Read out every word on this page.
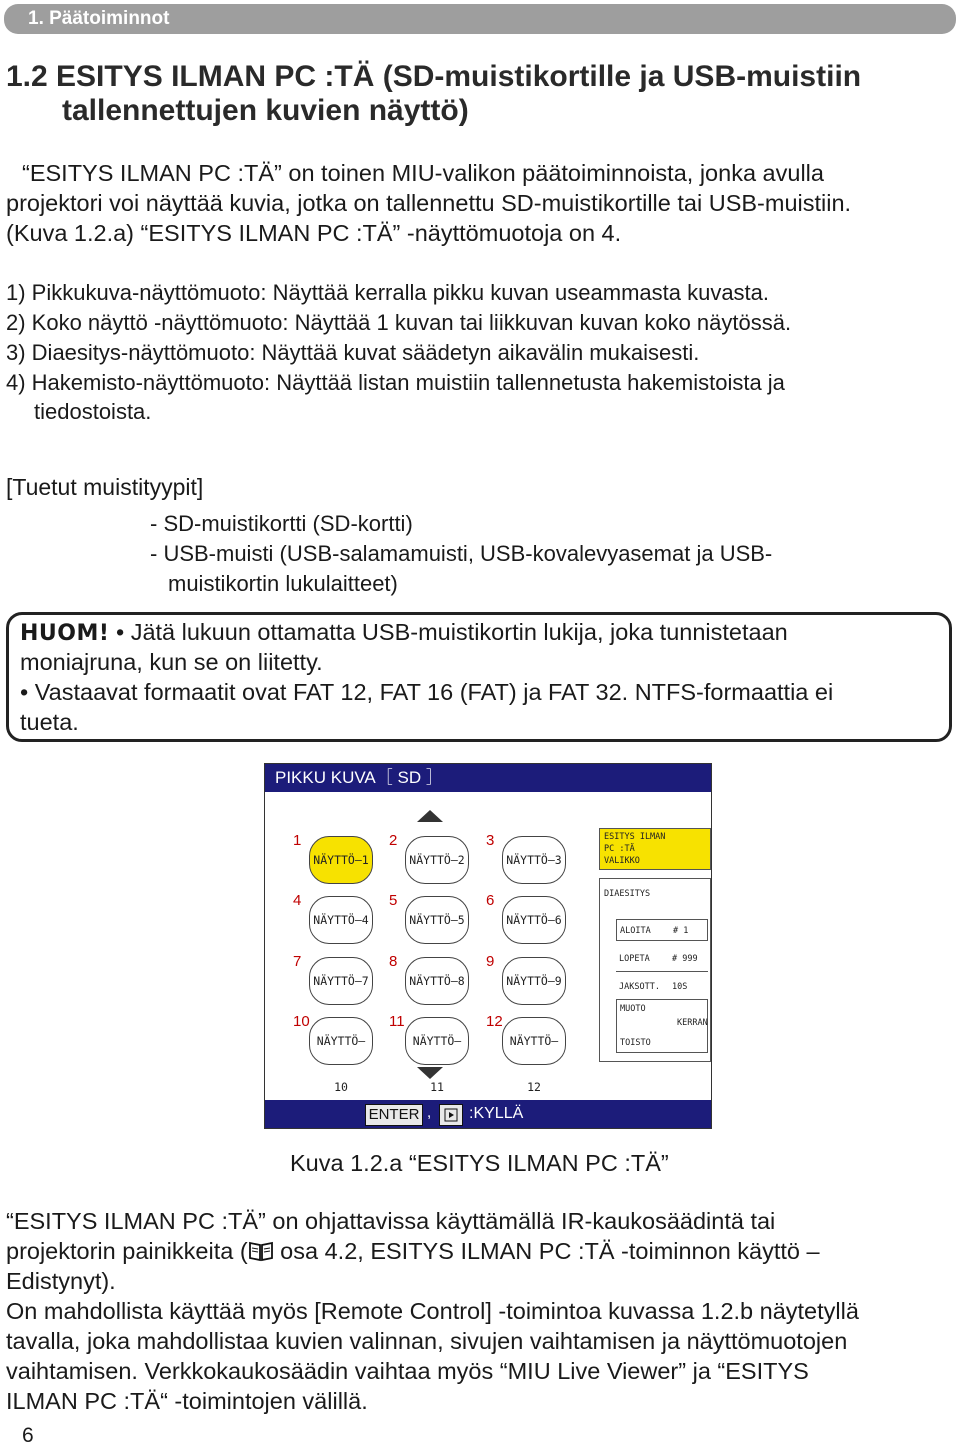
1. Päätoiminnot
1.2 ESITYS ILMAN PC :TÄ (SD-muistikortille ja USB-muistiin
tallennettujen kuvien näyttö)
“ESITYS ILMAN PC :TÄ” on toinen MIU-valikon päätoiminnoista, jonka avulla
projektori voi näyttää kuvia, jotka on tallennettu SD-muistikortille tai USB-muistiin.
(Kuva 1.2.a) “ESITYS ILMAN PC :TÄ” -näyttömuotoja on 4.
1) Pikkukuva-näyttömuoto: Näyttää kerralla pikku kuvan useammasta kuvasta.
2) Koko näyttö -näyttömuoto: Näyttää 1 kuvan tai liikkuvan kuvan koko näytössä.
3) Diaesitys-näyttömuoto: Näyttää kuvat säädetyn aikavälin mukaisesti.
4) Hakemisto-näyttömuoto: Näyttää listan muistiin tallennetusta hakemistoista ja
tiedostoista.
[Tuetut muistityypit]
- SD-muistikortti (SD-kortti)
- USB-muisti (USB-salamamuisti, USB-kovalevyasemat ja USB-
muistikortin lukulaitteet)
HUOM! • Jätä lukuun ottamatta USB-muistikortin lukija, joka tunnistetaan
moniajruna, kun se on liitetty.
• Vastaavat formaatit ovat FAT 12, FAT 16 (FAT) ja FAT 32. NTFS-formaattia ei
tueta.
PIKKU KUVA［ SD ］
1
NÄYTTÖ–1
2
NÄYTTÖ–2
3
NÄYTTÖ–3
4
NÄYTTÖ–4
5
NÄYTTÖ–5
6
NÄYTTÖ–6
7
NÄYTTÖ–7
8
NÄYTTÖ–8
9
NÄYTTÖ–9
10
NÄYTTÖ–10
11
NÄYTTÖ–11
12
NÄYTTÖ–12
ESITYS ILMAN
PC :TÄ
VALIKKO
DIAESITYS
ALOITA	# 1
LOPETA	# 999
JAKSOTT. 10S
MUOTO
KERRAN
TOISTO
ENTER , :KYLLÄ
Kuva 1.2.a “ESITYS ILMAN PC :TÄ”
“ESITYS ILMAN PC :TÄ” on ohjattavissa käyttämällä IR-kaukosäädintä tai
projektorin painikkeita ( osa 4.2, ESITYS ILMAN PC :TÄ -toiminnon käyttö –
Edistynyt).
On mahdollista käyttää myös [Remote Control] -toimintoa kuvassa 1.2.b näytetyllä
tavalla, joka mahdollistaa kuvien valinnan, sivujen vaihtamisen ja näyttömuotojen
vaihtamisen. Verkkokaukosäädin vaihtaa myös “MIU Live Viewer” ja “ESITYS
ILMAN PC :TÄ“ -toimintojen välillä.
6
